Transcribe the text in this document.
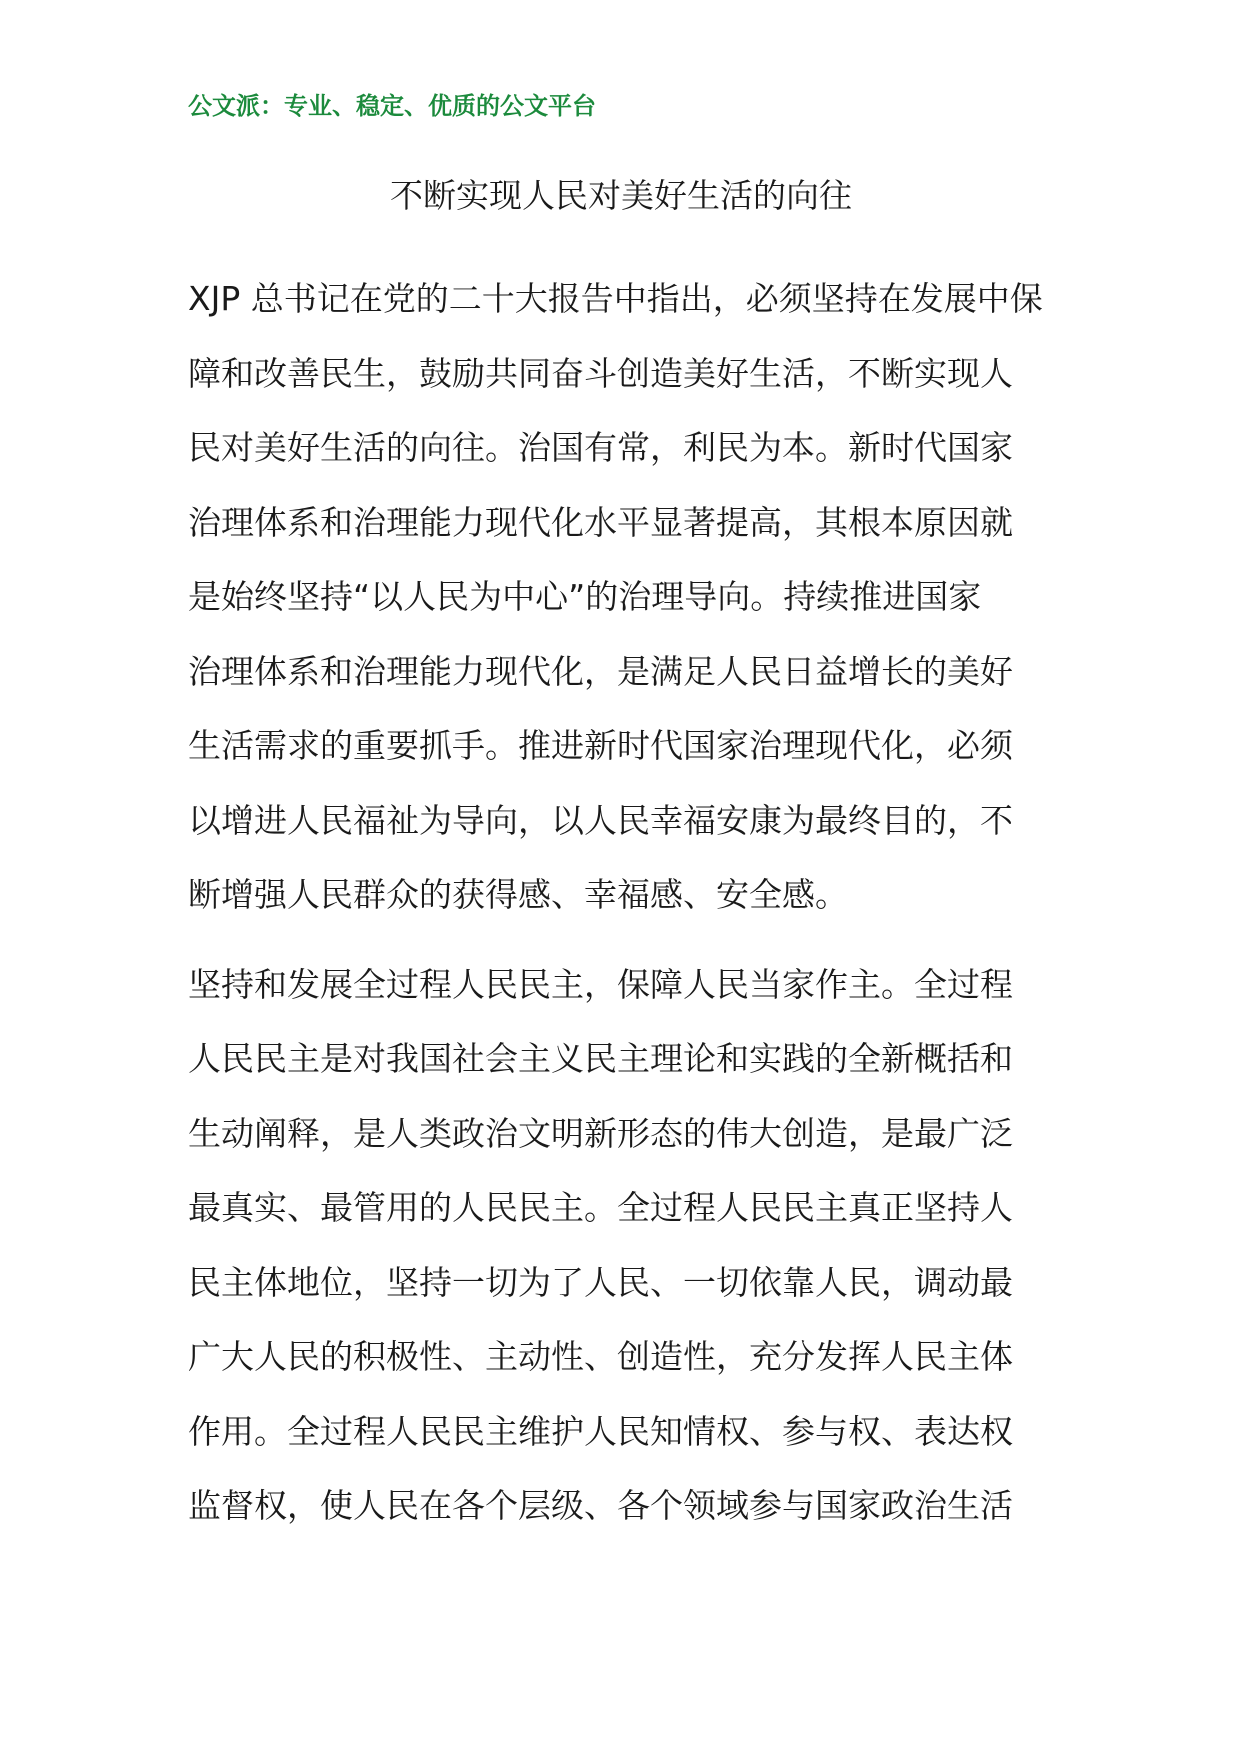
公文派：专业、稳定、优质的公文平台
不断实现人民对美好生活的向往

XJP 总书记在党的二十大报告中指出，必须坚持在发展中保
障和改善民生，鼓励共同奋斗创造美好生活，不断实现人
民对美好生活的向往。治国有常，利民为本。新时代国家
治理体系和治理能力现代化水平显著提高，其根本原因就
是始终坚持“以人民为中心”的治理导向。持续推进国家
治理体系和治理能力现代化，是满足人民日益增长的美好
生活需求的重要抓手。推进新时代国家治理现代化，必须
以增进人民福祉为导向，以人民幸福安康为最终目的，不
断增强人民群众的获得感、幸福感、安全感。

坚持和发展全过程人民民主，保障人民当家作主。全过程
人民民主是对我国社会主义民主理论和实践的全新概括和
生动阐释，是人类政治文明新形态的伟大创造，是最广泛
最真实、最管用的人民民主。全过程人民民主真正坚持人
民主体地位，坚持一切为了人民、一切依靠人民，调动最
广大人民的积极性、主动性、创造性，充分发挥人民主体
作用。全过程人民民主维护人民知情权、参与权、表达权
监督权，使人民在各个层级、各个领域参与国家政治生活
